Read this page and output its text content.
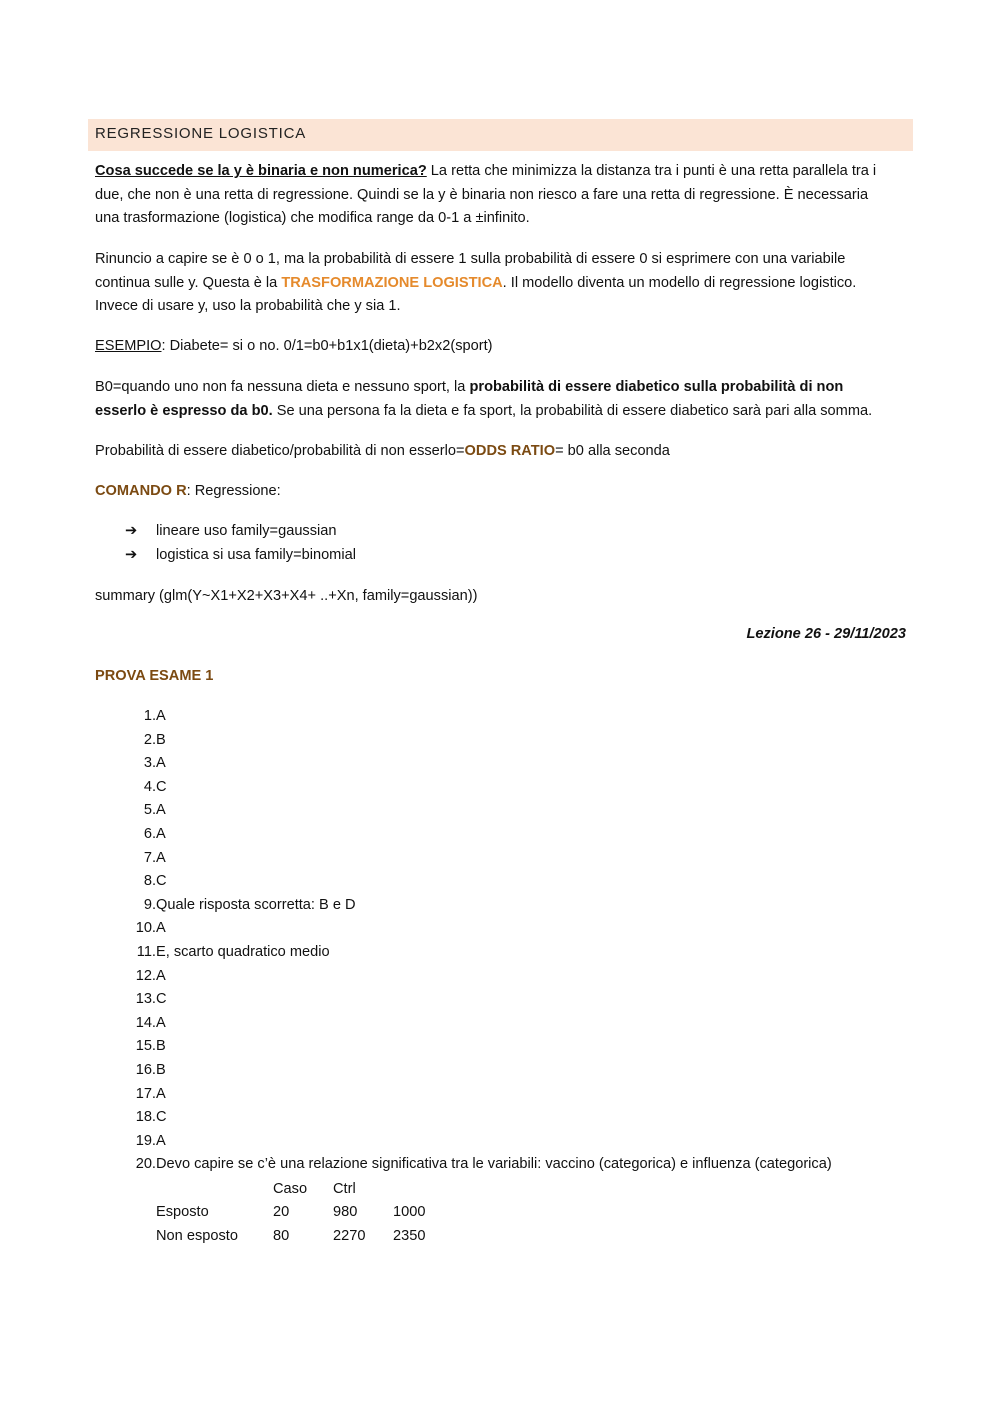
REGRESSIONE LOGISTICA
Cosa succede se la y è binaria e non numerica? La retta che minimizza la distanza tra i punti è una retta parallela tra i
due, che non è una retta di regressione. Quindi se la y è binaria non riesco a fare una retta di regressione. È necessaria
una trasformazione (logistica) che modifica range da 0-1 a ±infinito.
Rinuncio a capire se è 0 o 1, ma la probabilità di essere 1 sulla probabilità di essere 0 si esprimere con una variabile
continua sulle y. Questa è la TRASFORMAZIONE LOGISTICA. Il modello diventa un modello di regressione logistico.
Invece di usare y, uso la probabilità che y sia 1.
ESEMPIO: Diabete= si o no. 0/1=b0+b1x1(dieta)+b2x2(sport)
B0=quando uno non fa nessuna dieta e nessuno sport, la probabilità di essere diabetico sulla probabilità di non
esserlo è espresso da b0. Se una persona fa la dieta e fa sport, la probabilità di essere diabetico sarà pari alla somma.
Probabilità di essere diabetico/probabilità di non esserlo=ODDS RATIO= b0 alla seconda
COMANDO R: Regressione:
➔ lineare uso family=gaussian
➔ logistica si usa family=binomial
summary (glm(Y~X1+X2+X3+X4+ ..+Xn, family=gaussian))
Lezione 26 - 29/11/2023
PROVA ESAME 1
1. A
2. B
3. A
4. C
5. A
6. A
7. A
8. C
9. Quale risposta scorretta: B e D
10. A
11. E, scarto quadratico medio
12. A
13. C
14. A
15. B
16. B
17. A
18. C
19. A
20. Devo capire se c’è una relazione significativa tra le variabili: vaccino (categorica) e influenza (categorica)
	Caso	Ctrl	
Esposto	20	980	1000
Non esposto	80	2270	2350
